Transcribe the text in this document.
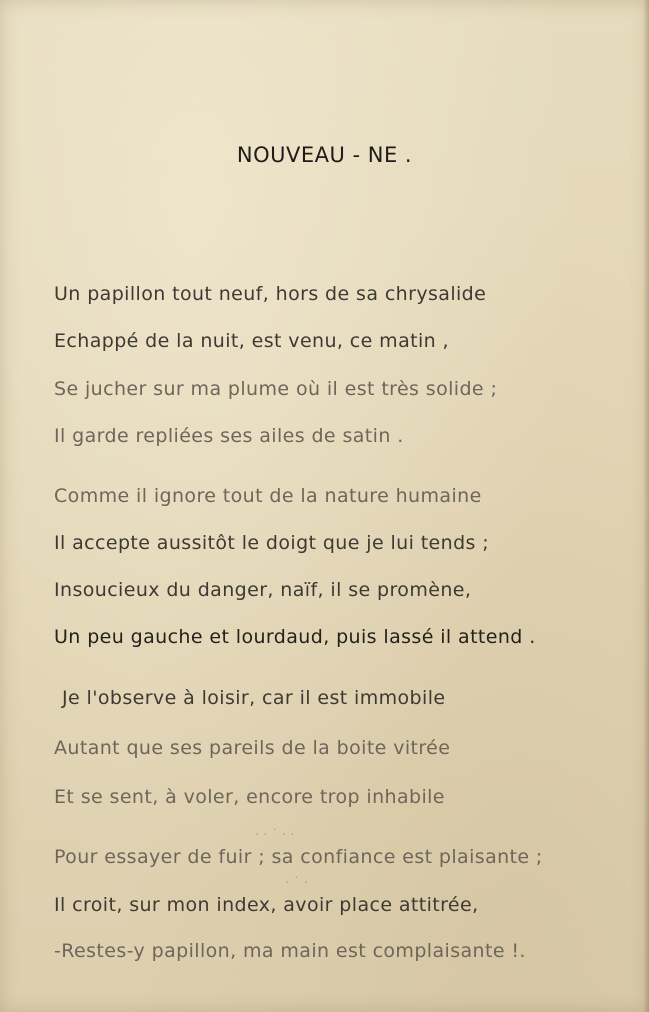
NOUVEAU - NE .

Un papillon tout neuf, hors de sa chrysalide

Echappé de la nuit, est venu, ce matin ,

Se jucher sur ma plume où il est très solide ;

Il garde repliées ses ailes de satin .

Comme il ignore tout de la nature humaine

Il accepte aussitôt le doigt que je lui tends ;

Insoucieux du danger, naïf, il se promène,

Un peu gauche et lourdaud, puis lassé il attend .

Je l'observe à loisir, car il est immobile

Autant que ses pareils de la boite vitrée

Et se sent, à voler, encore trop inhabile

· · ˙ · ·
· ˙ ·

Pour essayer de fuir ; sa confiance est plaisante ;

Il croit, sur mon index, avoir place attitrée,

-Restes-y papillon, ma main est complaisante !.
